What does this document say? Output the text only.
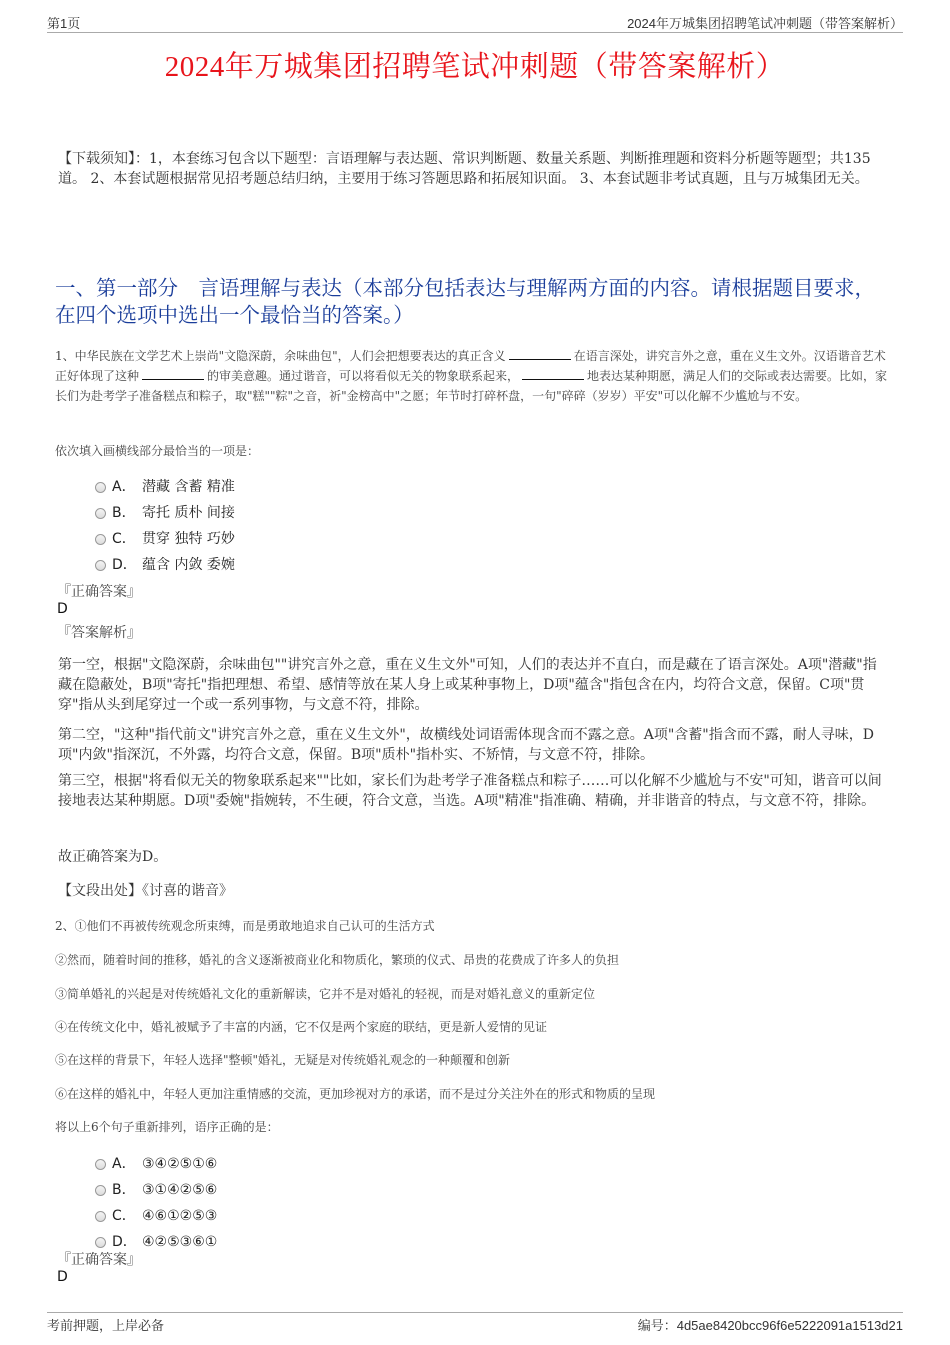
第1页	2024年万城集团招聘笔试冲刺题（带答案解析）
2024年万城集团招聘笔试冲刺题（带答案解析）
【下载须知】：1，本套练习包含以下题型：言语理解与表达题、常识判断题、数量关系题、判断推理题和资料分析题等题型；共135道。 2、本套试题根据常见招考题总结归纳，主要用于练习答题思路和拓展知识面。 3、本套试题非考试真题，且与万城集团无关。
一、第一部分　言语理解与表达（本部分包括表达与理解两方面的内容。请根据题目要求，在四个选项中选出一个最恰当的答案。）
1、中华民族在文学艺术上崇尚"文隐深蔚，余味曲包"，人们会把想要表达的真正含义	在语言深处，讲究言外之意，重在义生文外。汉语谐音艺术正好体现了这种	的审美意趣。通过谐音，可以将看似无关的物象联系起来，	地表达某种期愿，满足人们的交际或表达需要。比如，家长们为赴考学子准备糕点和粽子，取"糕""粽"之音，祈"金榜高中"之愿；年节时打碎杯盘，一句"碎碎（岁岁）平安"可以化解不少尴尬与不安。
依次填入画横线部分最恰当的一项是：
A． 潜藏 含蓄 精准
B． 寄托 质朴 间接
C． 贯穿 独特 巧妙
D． 蕴含 内敛 委婉
『正确答案』
D
『答案解析』
第一空，根据"文隐深蔚，余味曲包""讲究言外之意，重在义生文外"可知，人们的表达并不直白，而是藏在了语言深处。A项"潜藏"指藏在隐蔽处，B项"寄托"指把理想、希望、感情等放在某人身上或某种事物上，D项"蕴含"指包含在内，均符合文意，保留。C项"贯穿"指从头到尾穿过一个或一系列事物，与文意不符，排除。
第二空，"这种"指代前文"讲究言外之意，重在义生文外"，故横线处词语需体现含而不露之意。A项"含蓄"指含而不露，耐人寻味，D项"内敛"指深沉，不外露，均符合文意，保留。B项"质朴"指朴实、不矫情，与文意不符，排除。
第三空，根据"将看似无关的物象联系起来""比如，家长们为赴考学子准备糕点和粽子……可以化解不少尴尬与不安"可知，谐音可以间接地表达某种期愿。D项"委婉"指婉转，不生硬，符合文意，当选。A项"精准"指准确、精确，并非谐音的特点，与文意不符，排除。
故正确答案为D。
【文段出处】《讨喜的谐音》
2、①他们不再被传统观念所束缚，而是勇敢地追求自己认可的生活方式
②然而，随着时间的推移，婚礼的含义逐渐被商业化和物质化，繁琐的仪式、昂贵的花费成了许多人的负担
③简单婚礼的兴起是对传统婚礼文化的重新解读，它并不是对婚礼的轻视，而是对婚礼意义的重新定位
④在传统文化中，婚礼被赋予了丰富的内涵，它不仅是两个家庭的联结，更是新人爱情的见证
⑤在这样的背景下，年轻人选择"整顿"婚礼，无疑是对传统婚礼观念的一种颠覆和创新
⑥在这样的婚礼中，年轻人更加注重情感的交流，更加珍视对方的承诺，而不是过分关注外在的形式和物质的呈现
将以上6个句子重新排列，语序正确的是：
A． ③④②⑤①⑥
B． ③①④②⑤⑥
C． ④⑥①②⑤③
D． ④②⑤③⑥①
『正确答案』
D
考前押题，上岸必备	编号：4d5ae8420bcc96f6e5222091a1513d21
